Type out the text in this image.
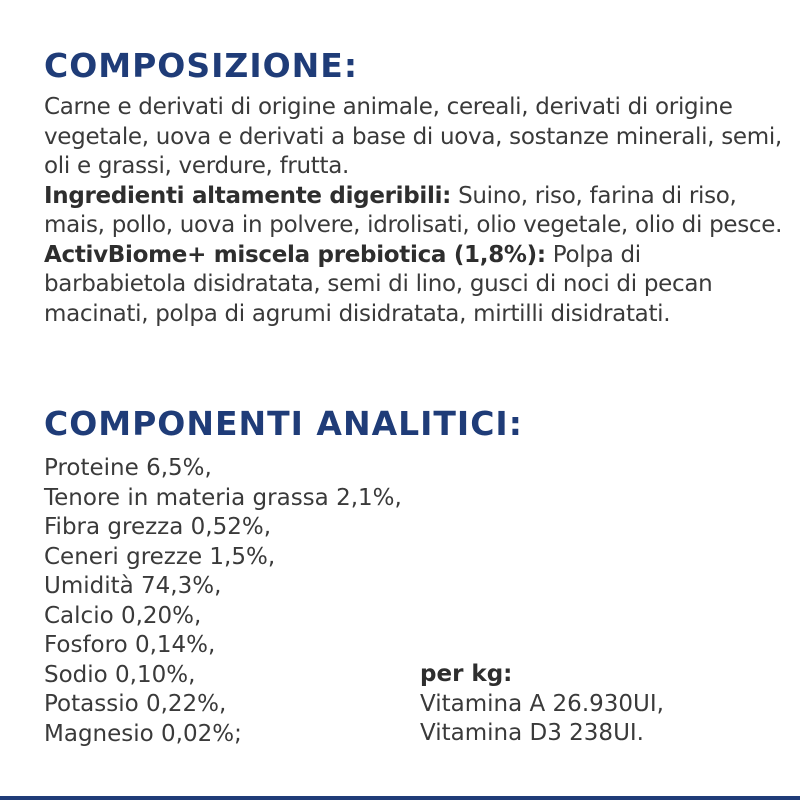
COMPOSIZIONE:

Carne e derivati di origine animale, cereali, derivati di origine vegetale, uova e derivati a base di uova, sostanze minerali, semi, oli e grassi, verdure, frutta.
Ingredienti altamente digeribili: Suino, riso, farina di riso, mais, pollo, uova in polvere, idrolisati, olio vegetale, olio di pesce.
ActivBiome+ miscela prebiotica (1,8%): Polpa di barbabietola disidratata, semi di lino, gusci di noci di pecan macinati, polpa di agrumi disidratata, mirtilli disidratati.

COMPONENTI ANALITICI:
Proteine 6,5%,
Tenore in materia grassa 2,1%,
Fibra grezza 0,52%,
Ceneri grezze 1,5%,
Umidità 74,3%,
Calcio 0,20%,
Fosforo 0,14%,
Sodio 0,10%,
Potassio 0,22%,
Magnesio 0,02%;
per kg:
Vitamina A 26.930UI,
Vitamina D3 238UI.
